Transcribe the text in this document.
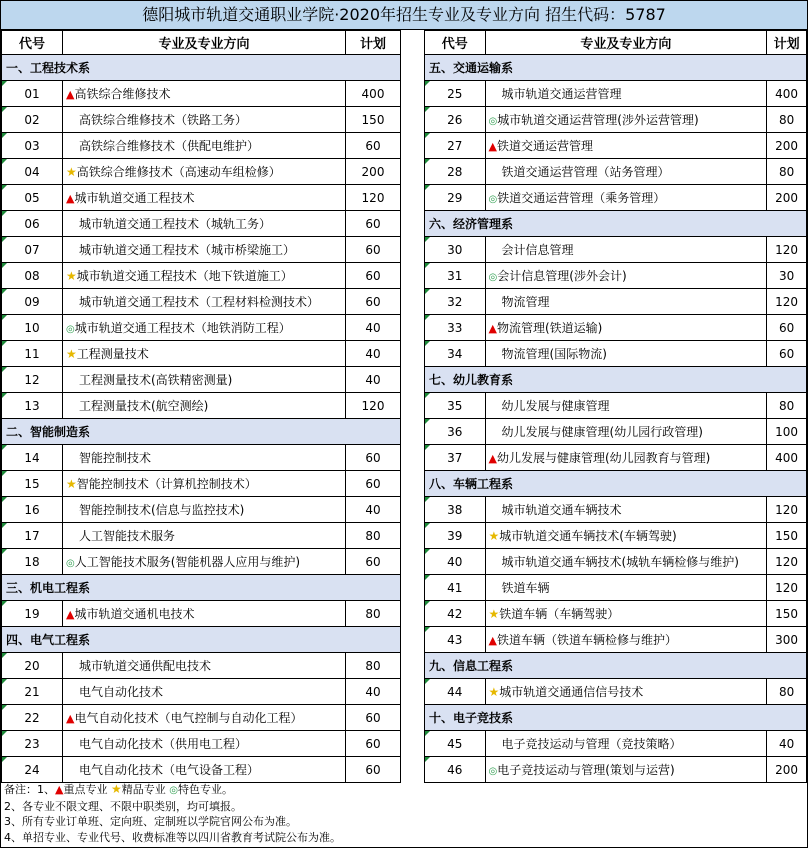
德阳城市轨道交通职业学院·2020年招生专业及专业方向 招生代码：5787
代号	专业及专业方向	计划
一、工程技术系		

01	▲高铁综合维修技术	400

02	高铁综合维修技术（铁路工务）	150

03	高铁综合维修技术（供配电维护）	60

04	★高铁综合维修技术（高速动车组检修）	200

05	▲城市轨道交通工程技术	120

06	城市轨道交通工程技术（城轨工务）	60

07	城市轨道交通工程技术（城市桥梁施工）	60

08	★城市轨道交通工程技术（地下铁道施工）	60

09	城市轨道交通工程技术（工程材料检测技术）	60

10	◎城市轨道交通工程技术（地铁消防工程）	40

11	★工程测量技术	40

12	工程测量技术(高铁精密测量)	40

13	工程测量技术(航空测绘)	120
二、智能制造系		

14	智能控制技术	60

15	★智能控制技术（计算机控制技术）	60

16	智能控制技术(信息与监控技术)	40

17	人工智能技术服务	80

18	◎人工智能技术服务(智能机器人应用与维护)	60
三、机电工程系		

19	▲城市轨道交通机电技术	80
四、电气工程系		

20	城市轨道交通供配电技术	80

21	电气自动化技术	40

22	▲电气自动化技术（电气控制与自动化工程）	60

23	电气自动化技术（供用电工程）	60

24	电气自动化技术（电气设备工程）	60
代号	专业及专业方向	计划
五、交通运输系		

25	城市轨道交通运营管理	400

26	◎城市轨道交通运营管理(涉外运营管理)	80

27	▲铁道交通运营管理	200

28	铁道交通运营管理（站务管理）	80

29	◎铁道交通运营管理（乘务管理）	200
六、经济管理系		

30	会计信息管理	120

31	◎会计信息管理(涉外会计)	30

32	物流管理	120

33	▲物流管理(铁道运输)	60

34	物流管理(国际物流)	60
七、幼儿教育系		

35	幼儿发展与健康管理	80

36	幼儿发展与健康管理(幼儿园行政管理)	100

37	▲幼儿发展与健康管理(幼儿园教育与管理)	400
八、车辆工程系		

38	城市轨道交通车辆技术	120

39	★城市轨道交通车辆技术(车辆驾驶)	150

40	城市轨道交通车辆技术(城轨车辆检修与维护)	120

41	铁道车辆	120

42	★铁道车辆（车辆驾驶）	150

43	▲铁道车辆（铁道车辆检修与维护）	300
九、信息工程系		

44	★城市轨道交通通信信号技术	80
十、电子竞技系		

45	电子竞技运动与管理（竞技策略）	40

46	◎电子竞技运动与管理(策划与运营)	200
备注：1、▲重点专业 ★精品专业 ◎特色专业。
2、各专业不限文理、不限中职类别，均可填报。
3、所有专业订单班、定向班、定制班以学院官网公布为准。
4、单招专业、专业代号、收费标准等以四川省教育考试院公布为准。
